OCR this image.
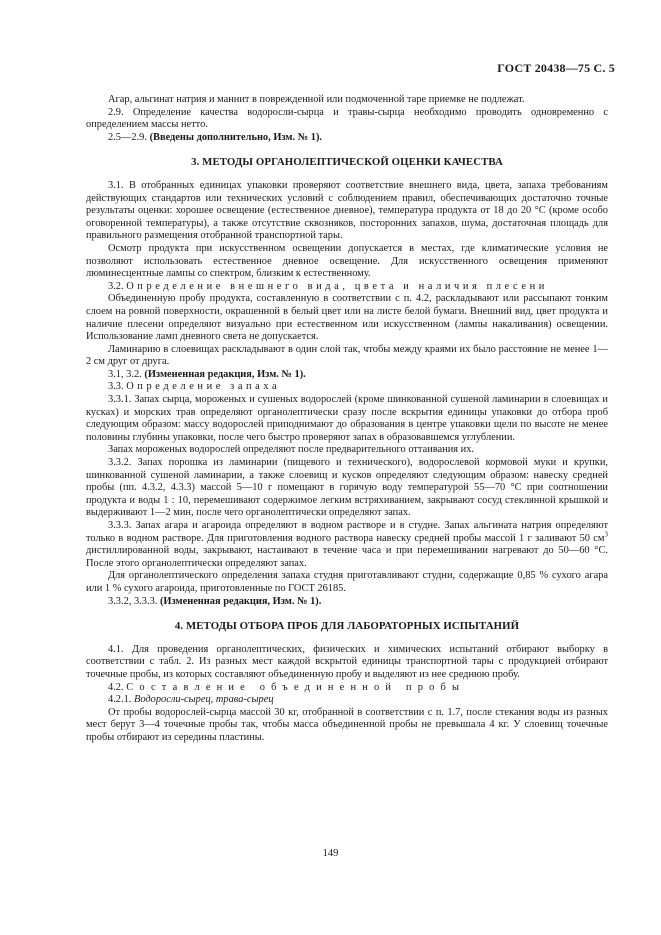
ГОСТ 20438—75 С. 5

Агар, альгинат натрия и маннит в поврежденной или подмоченной таре приемке не подлежат.

2.9. Определение качества водоросли-сырца и травы-сырца необходимо проводить одновременно с определением массы нетто.

2.5—2.9. (Введены дополнительно, Изм. № 1).

3. МЕТОДЫ ОРГАНОЛЕПТИЧЕСКОЙ ОЦЕНКИ КАЧЕСТВА

3.1. В отобранных единицах упаковки проверяют соответствие внешнего вида, цвета, запаха требованиям действующих стандартов или технических условий с соблюдением правил, обеспечивающих достаточно точные результаты оценки: хорошее освещение (естественное дневное), температура продукта от 18 до 20 °С (кроме особо оговоренной температуры), а также отсутствие сквозняков, посторонних запахов, шума, достаточная площадь для правильного размещения отобранной транспортной тары.

Осмотр продукта при искусственном освещении допускается в местах, где климатические условия не позволяют использовать естественное дневное освещение. Для искусственного освещения применяют люминесцентные лампы со спектром, близким к естественному.

3.2. Определение внешнего вида, цвета и наличия плесени

Объединенную пробу продукта, составленную в соответствии с п. 4.2, раскладывают или рассыпают тонким слоем на ровной поверхности, окрашенной в белый цвет или на листе белой бумаги. Внешний вид, цвет продукта и наличие плесени определяют визуально при естественном или искусственном (лампы накаливания) освещении. Использование ламп дневного света не допускается.

Ламинарию в слоевищах раскладывают в один слой так, чтобы между краями их было расстояние не менее 1—2 см друг от друга.

3.1, 3.2. (Измененная редакция, Изм. № 1).

3.3. Определение запаха

3.3.1. Запах сырца, мороженых и сушеных водорослей (кроме шинкованной сушеной ламинарии в слоевищах и кусках) и морских трав определяют органолептически сразу после вскрытия единицы упаковки до отбора проб следующим образом: массу водорослей приподнимают до образования в центре упаковки щели по высоте не менее половины глубины упаковки, после чего быстро проверяют запах в образовавшемся углублении.

Запах мороженых водорослей определяют после предварительного оттаивания их.

3.3.2. Запах порошка из ламинарии (пищевого и технического), водорослевой кормовой муки и крупки, шинкованной сушеной ламинарии, а также слоевищ и кусков определяют следующим образом: навеску средней пробы (пп. 4.3.2, 4.3.3) массой 5—10 г помещают в горячую воду температурой 55—70 °С при соотношении продукта и воды 1 : 10, перемешивают содержимое легким встряхиванием, закрывают сосуд стеклянной крышкой и выдерживают 1—2 мин, после чего органолептически определяют запах.

3.3.3. Запах агара и агароида определяют в водном растворе и в студне. Запах альгината натрия определяют только в водном растворе. Для приготовления водного раствора навеску средней пробы массой 1 г заливают 50 $см^3$ дистиллированной воды, закрывают, настаивают в течение часа и при перемешивании нагревают до 50—60 °С. После этого органолептически определяют запах.

Для органолептического определения запаха студня приготавливают студни, содержащие 0,85 % сухого агара или 1 % сухого агароида, приготовленные по ГОСТ 26185.

3.3.2, 3.3.3. (Измененная редакция, Изм. № 1).

4. МЕТОДЫ ОТБОРА ПРОБ ДЛЯ ЛАБОРАТОРНЫХ ИСПЫТАНИЙ

4.1. Для проведения органолептических, физических и химических испытаний отбирают выборку в соответствии с табл. 2. Из разных мест каждой вскрытой единицы транспортной тары с продукцией отбирают точечные пробы, из которых составляют объединенную пробу и выделяют из нее среднюю пробу.

4.2. Составление объединенной пробы

4.2.1. Водоросли-сырец, трава-сырец

От пробы водорослей-сырца массой 30 кг, отобранной в соответствии с п. 1.7, после стекания воды из разных мест берут 3—4 точечные пробы так, чтобы масса объединенной пробы не превышала 4 кг. У слоевищ точечные пробы отбирают из середины пластины.

149
